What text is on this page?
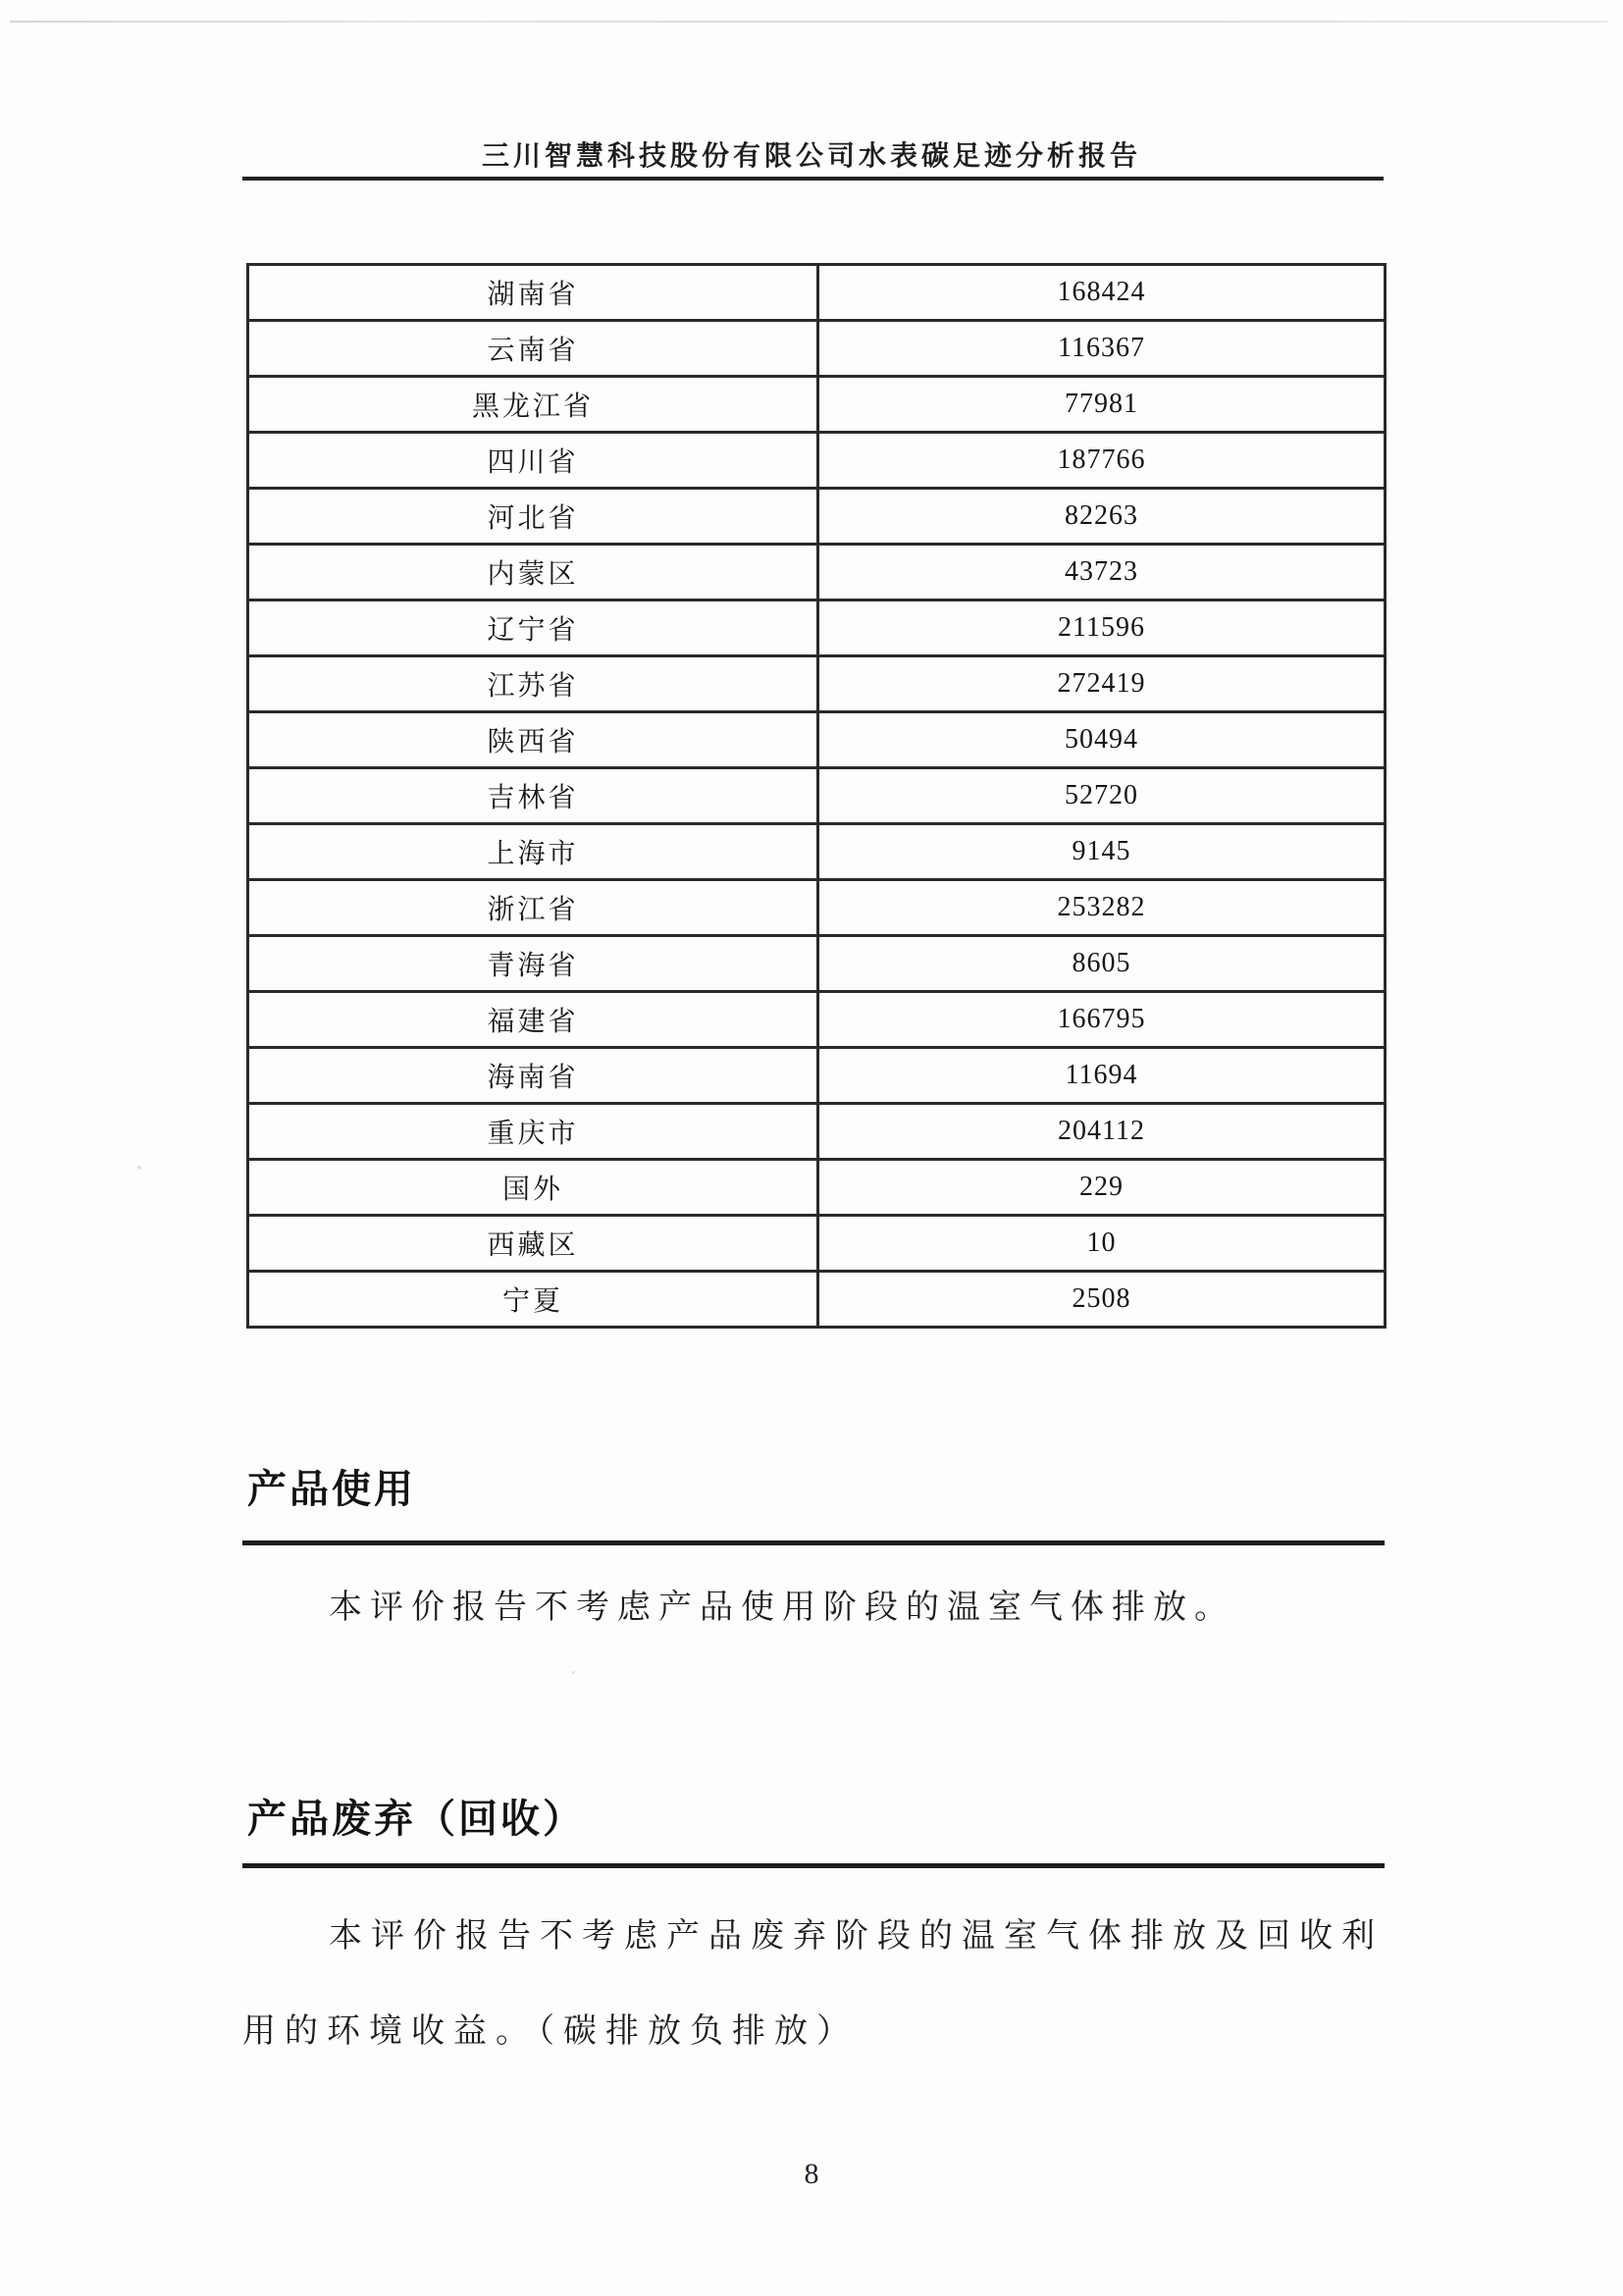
三川智慧科技股份有限公司水表碳足迹分析报告
湖南省	168424
云南省	116367
黑龙江省	77981
四川省	187766
河北省	82263
内蒙区	43723
辽宁省	211596
江苏省	272419
陕西省	50494
吉林省	52720
上海市	9145
浙江省	253282
青海省	8605
福建省	166795
海南省	11694
重庆市	204112
国外	229
西藏区	10
宁夏	2508
产品使用

本评价报告不考虑产品使用阶段的温室气体排放。

产品废弃（回收）

本评价报告不考虑产品废弃阶段的温室气体排放及回收利

用的环境收益。（碳排放负排放）

8
